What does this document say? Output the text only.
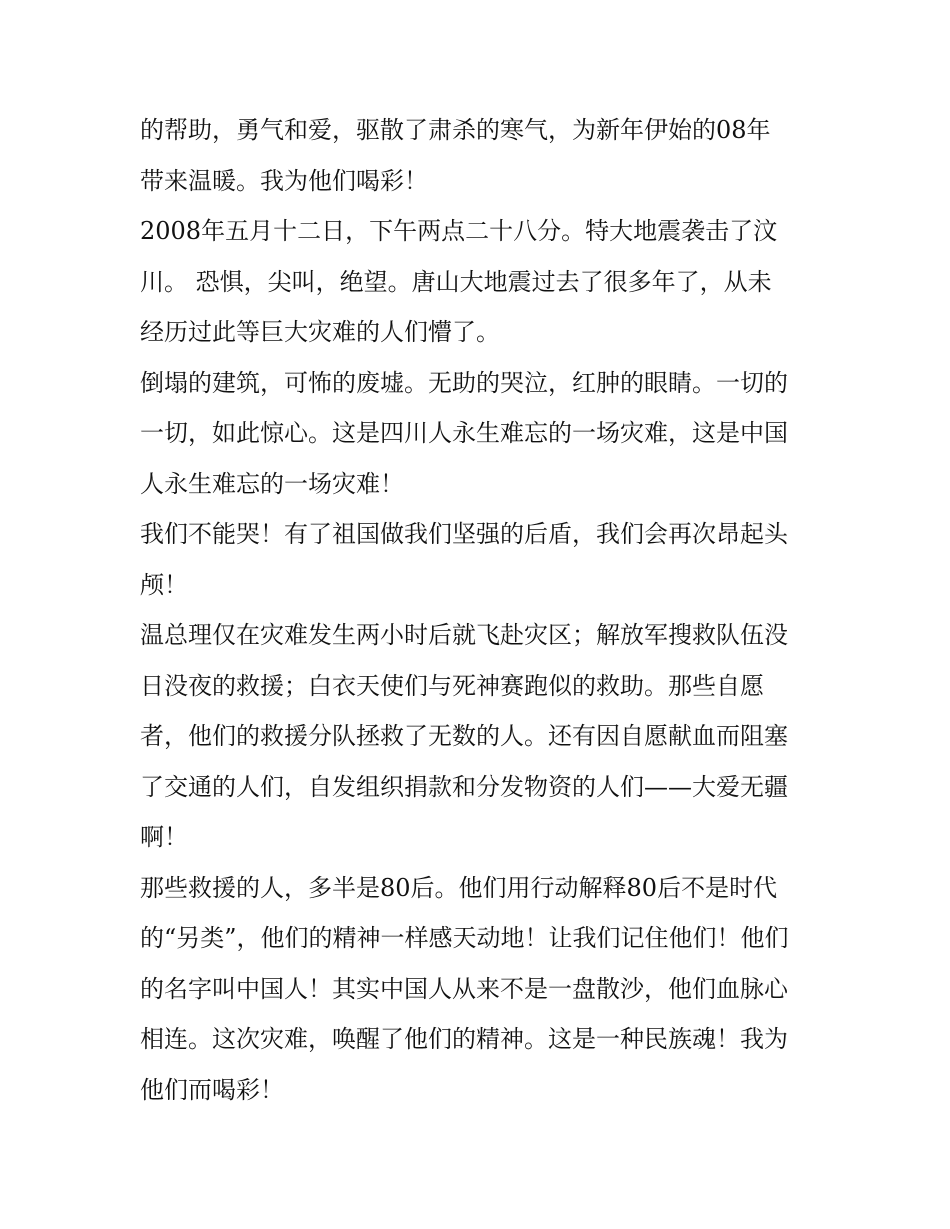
的帮助，勇气和爱，驱散了肃杀的寒气，为新年伊始的08年
带来温暖。我为他们喝彩！
2008年五月十二日，下午两点二十八分。特大地震袭击了汶
川。 恐惧，尖叫，绝望。唐山大地震过去了很多年了，从未
经历过此等巨大灾难的人们懵了。
倒塌的建筑，可怖的废墟。无助的哭泣，红肿的眼睛。一切的
一切，如此惊心。这是四川人永生难忘的一场灾难，这是中国
人永生难忘的一场灾难！
我们不能哭！有了祖国做我们坚强的后盾，我们会再次昂起头
颅！
温总理仅在灾难发生两小时后就飞赴灾区；解放军搜救队伍没
日没夜的救援；白衣天使们与死神赛跑似的救助。那些自愿
者，他们的救援分队拯救了无数的人。还有因自愿献血而阻塞
了交通的人们，自发组织捐款和分发物资的人们——大爱无疆
啊！
那些救援的人，多半是80后。他们用行动解释80后不是时代
的“另类”，他们的精神一样感天动地！让我们记住他们！他们
的名字叫中国人！其实中国人从来不是一盘散沙，他们血脉心
相连。这次灾难，唤醒了他们的精神。这是一种民族魂！我为
他们而喝彩！
